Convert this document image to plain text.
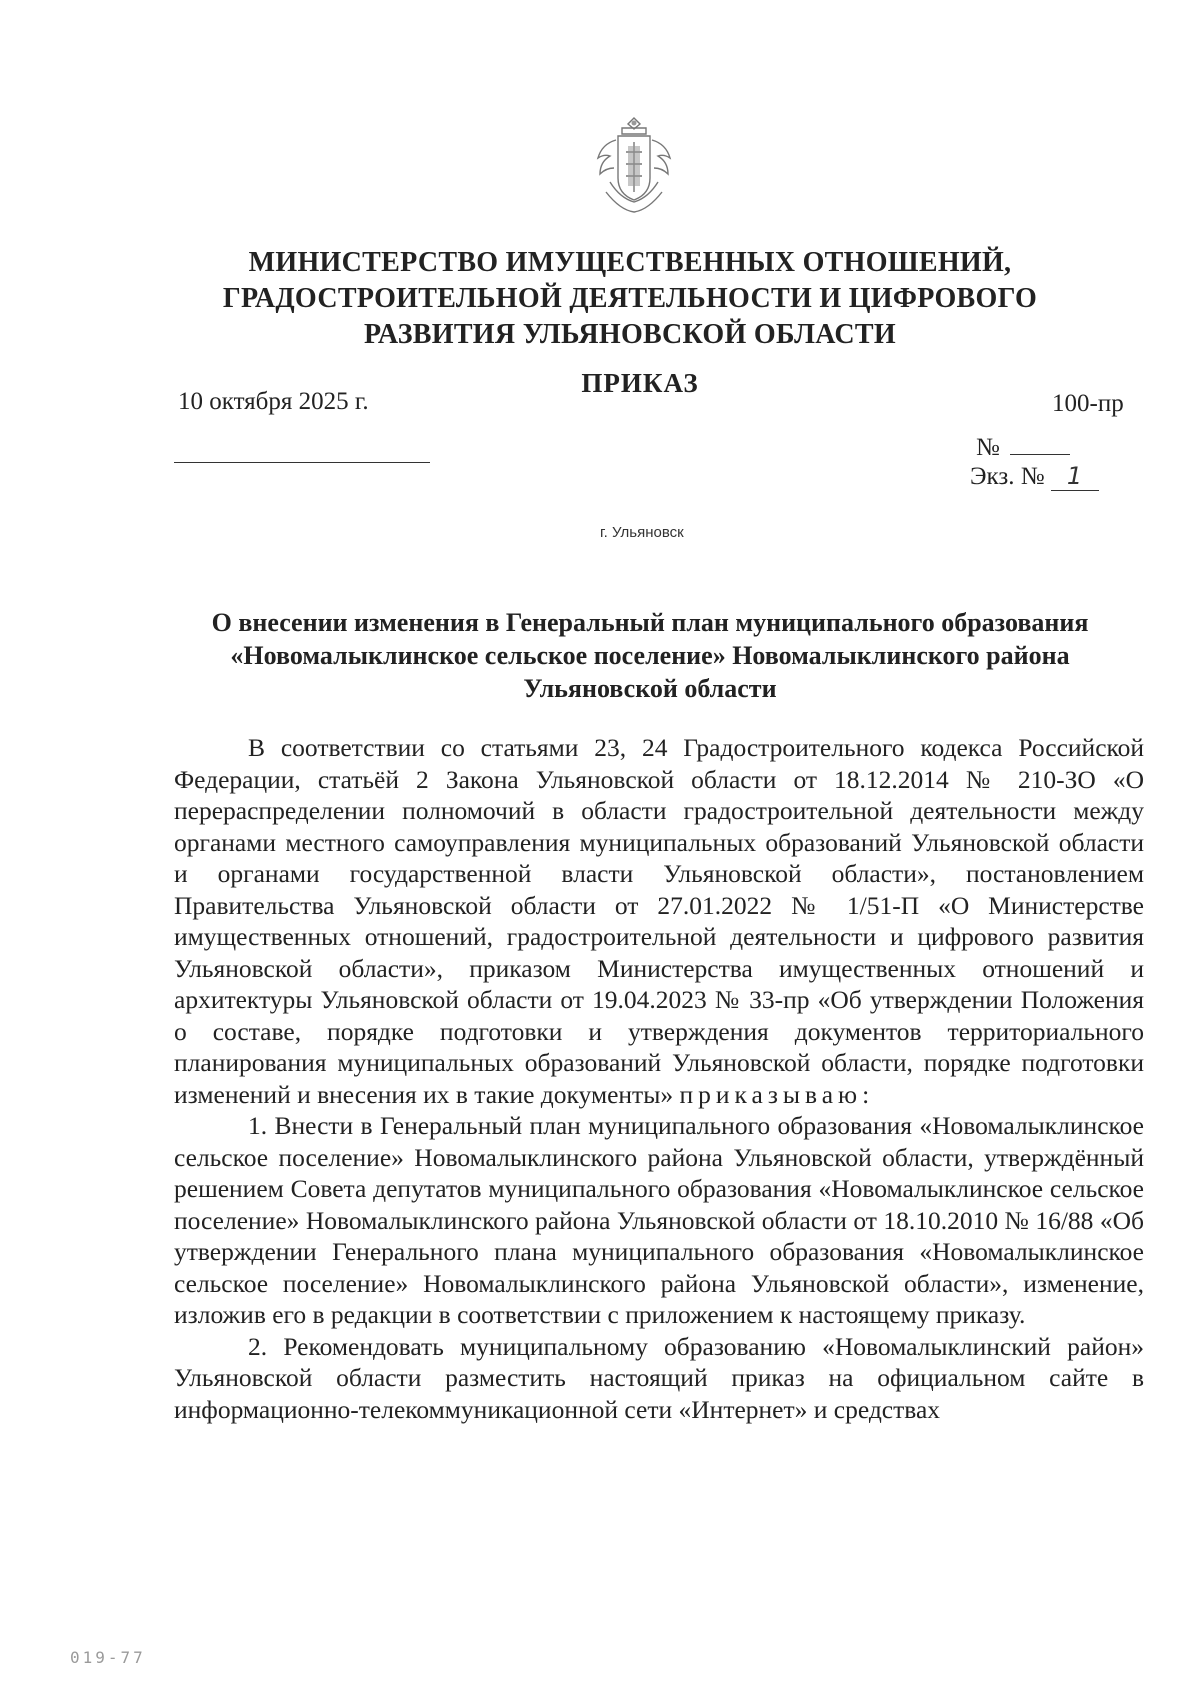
МИНИСТЕРСТВО ИМУЩЕСТВЕННЫХ ОТНОШЕНИЙ,
ГРАДОСТРОИТЕЛЬНОЙ ДЕЯТЕЛЬНОСТИ И ЦИФРОВОГО
РАЗВИТИЯ УЛЬЯНОВСКОЙ ОБЛАСТИ
ПРИКАЗ
10 октября 2025 г.	100-пр
№
Экз. № 1
г. Ульяновск
О внесении изменения в Генеральный план муниципального образования
«Новомалыклинское сельское поселение» Новомалыклинского района
Ульяновской области

В соответствии со статьями 23, 24 Градостроительного кодекса Российской Федерации, статьёй 2 Закона Ульяновской области от 18.12.2014 № 210-ЗО «О перераспределении полномочий в области градостроительной деятельности между органами местного самоуправления муниципальных образований Ульяновской области и органами государственной власти Ульяновской области», постановлением Правительства Ульяновской области от 27.01.2022 № 1/51-П «О Министерстве имущественных отношений, градостроительной деятельности и цифрового развития Ульяновской области», приказом Министерства имущественных отношений и архитектуры Ульяновской области от 19.04.2023 № 33-пр «Об утверждении Положения о составе, порядке подготовки и утверждения документов территориального планирования муниципальных образований Ульяновской области, порядке подготовки изменений и внесения их в такие документы» приказываю:

1. Внести в Генеральный план муниципального образования «Новомалыклинское сельское поселение» Новомалыклинского района Ульяновской области, утверждённый решением Совета депутатов муниципального образования «Новомалыклинское сельское поселение» Новомалыклинского района Ульяновской области от 18.10.2010 № 16/88 «Об утверждении Генерального плана муниципального образования «Новомалыклинское сельское поселение» Новомалыклинского района Ульяновской области», изменение, изложив его в редакции в соответствии с приложением к настоящему приказу.

2. Рекомендовать муниципальному образованию «Новомалыклинский район» Ульяновской области разместить настоящий приказ на официальном сайте в информационно-телекоммуникационной сети «Интернет» и средствах

019-77
